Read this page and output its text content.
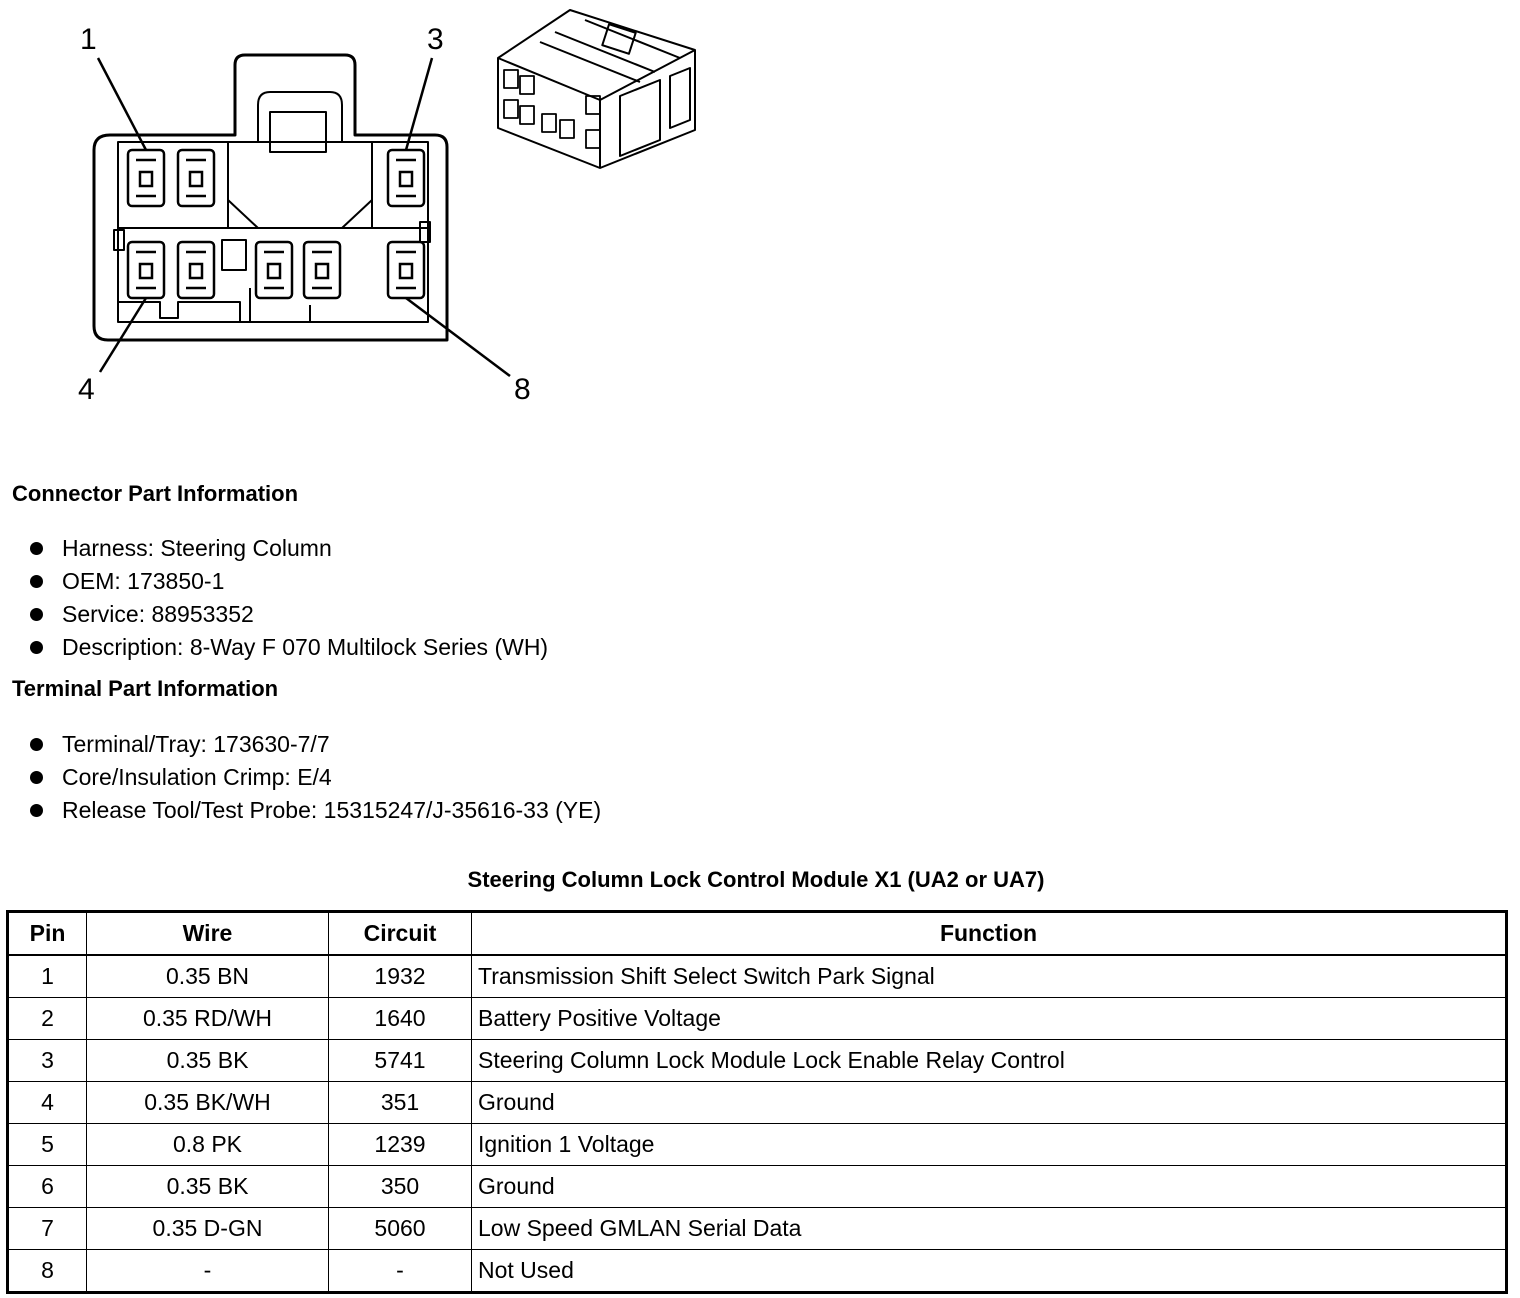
1	3
4	8
Connector Part Information
Harness: Steering Column
OEM: 173850-1
Service: 88953352
Description: 8-Way F 070 Multilock Series (WH)
Terminal Part Information
Terminal/Tray: 173630-7/7
Core/Insulation Crimp: E/4
Release Tool/Test Probe: 15315247/J-35616-33 (YE)
Steering Column Lock Control Module X1 (UA2 or UA7)
Pin	Wire	Circuit	Function
1	0.35 BN	1932	Transmission Shift Select Switch Park Signal
2	0.35 RD/WH	1640	Battery Positive Voltage
3	0.35 BK	5741	Steering Column Lock Module Lock Enable Relay Control
4	0.35 BK/WH	351	Ground
5	0.8 PK	1239	Ignition 1 Voltage
6	0.35 BK	350	Ground
7	0.35 D-GN	5060	Low Speed GMLAN Serial Data
8	-	-	Not Used
